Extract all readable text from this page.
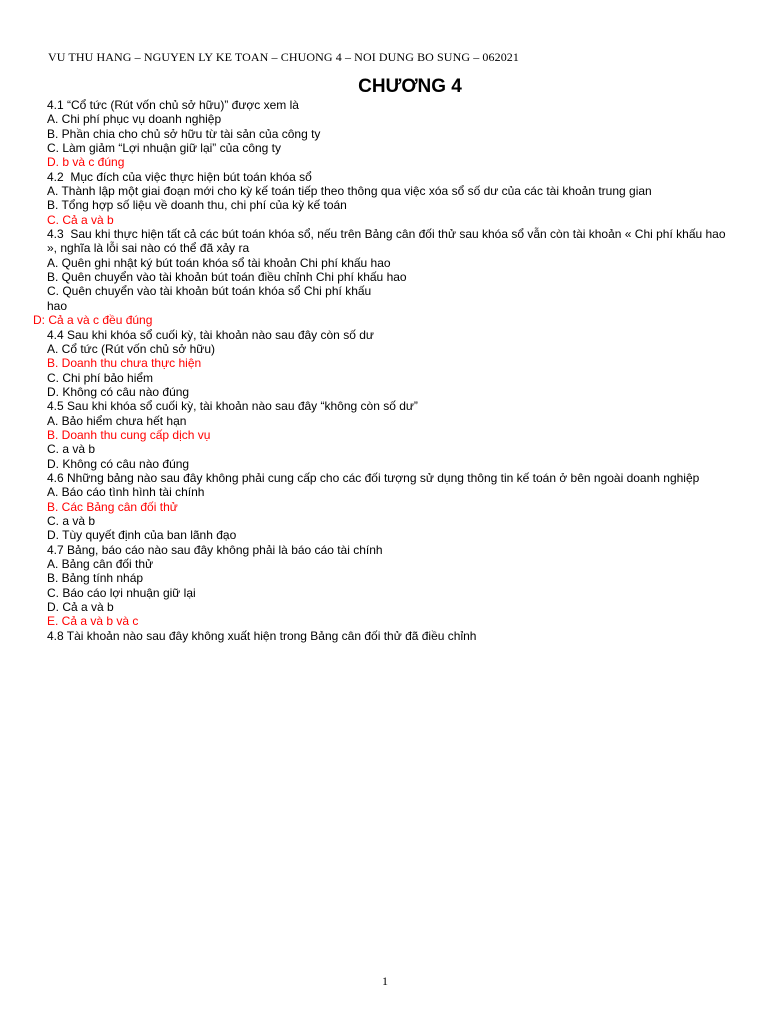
VU THU HANG – NGUYEN LY KE TOAN – CHUONG 4 – NOI DUNG BO SUNG – 062021
CHƯƠNG 4
4.1 “Cổ tức (Rút vốn chủ sở hữu)” được xem là
A. Chi phí phục vụ doanh nghiệp
B. Phần chia cho chủ sở hữu từ tài sản của công ty
C. Làm giảm “Lợi nhuận giữ lại” của công ty
D. b và c đúng
4.2  Mục đích của việc thực hiện bút toán khóa sổ
A. Thành lập một giai đoạn mới cho kỳ kế toán tiếp theo thông qua việc xóa sổ số dư của các tài khoản trung gian
B. Tổng hợp số liệu về doanh thu, chi phí của kỳ kế toán
C. Cả a và b
4.3  Sau khi thực hiện tất cả các bút toán khóa sổ, nếu trên Bảng cân đối thử sau khóa sổ vẫn còn tài khoản « Chi phí khấu hao », nghĩa là lỗi sai nào có thể đã xảy ra
A. Quên ghi nhật ký bút toán khóa sổ tài khoản Chi phí khấu hao
B. Quên chuyển vào tài khoản bút toán điều chỉnh Chi phí khấu hao
C. Quên chuyển vào tài khoản bút toán khóa sổ Chi phí khấu
hao
D: Cả a và c đều đúng
4.4 Sau khi khóa sổ cuối kỳ, tài khoản nào sau đây còn số dư
A. Cổ tức (Rút vốn chủ sở hữu)
B. Doanh thu chưa thực hiện
C. Chi phí bảo hiểm
D. Không có câu nào đúng
4.5 Sau khi khóa sổ cuối kỳ, tài khoản nào sau đây “không còn số dư”
A. Bảo hiểm chưa hết hạn
B. Doanh thu cung cấp dịch vụ
C. a và b
D. Không có câu nào đúng
4.6 Những bảng nào sau đây không phải cung cấp cho các đối tượng sử dụng thông tin kế toán ở bên ngoài doanh nghiệp
A. Báo cáo tình hình tài chính
B. Các Bảng cân đối thử
C. a và b
D. Tùy quyết định của ban lãnh đạo
4.7 Bảng, báo cáo nào sau đây không phải là báo cáo tài chính
A. Bảng cân đối thử
B. Bảng tính nháp
C. Báo cáo lợi nhuận giữ lại
D. Cả a và b
E. Cả a và b và c
4.8 Tài khoản nào sau đây không xuất hiện trong Bảng cân đối thử đã điều chỉnh
1
